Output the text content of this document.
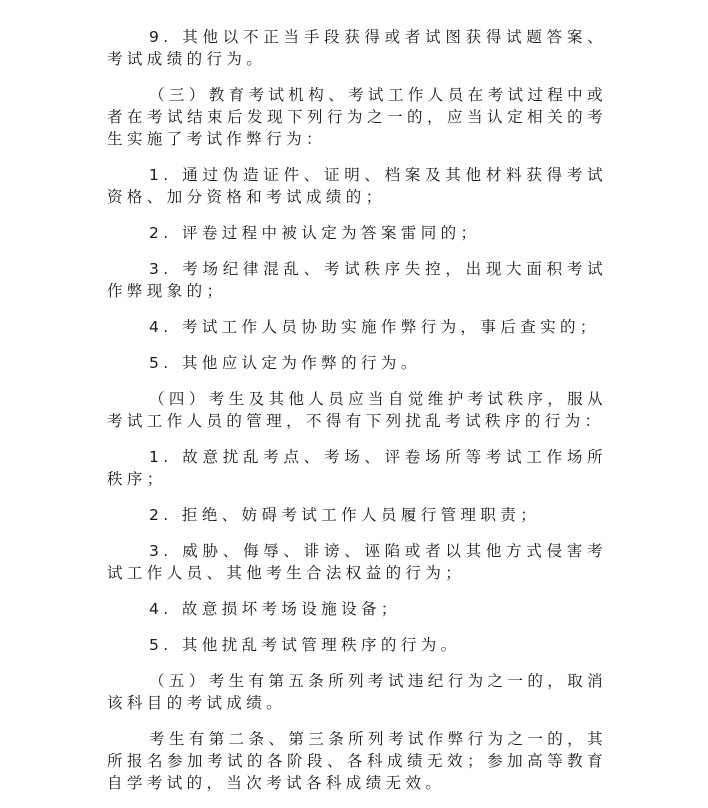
9. 其他以不正当手段获得或者试图获得试题答案、考试成绩的行为。

（三）教育考试机构、考试工作人员在考试过程中或者在考试结束后发现下列行为之一的，应当认定相关的考生实施了考试作弊行为：

1. 通过伪造证件、证明、档案及其他材料获得考试资格、加分资格和考试成绩的；

2. 评卷过程中被认定为答案雷同的；

3. 考场纪律混乱、考试秩序失控，出现大面积考试作弊现象的；

4. 考试工作人员协助实施作弊行为，事后查实的；

5. 其他应认定为作弊的行为。

（四）考生及其他人员应当自觉维护考试秩序，服从考试工作人员的管理，不得有下列扰乱考试秩序的行为：

1. 故意扰乱考点、考场、评卷场所等考试工作场所秩序；

2. 拒绝、妨碍考试工作人员履行管理职责；

3. 威胁、侮辱、诽谤、诬陷或者以其他方式侵害考试工作人员、其他考生合法权益的行为；

4. 故意损坏考场设施设备；

5. 其他扰乱考试管理秩序的行为。

（五）考生有第五条所列考试违纪行为之一的，取消该科目的考试成绩。

考生有第二条、第三条所列考试作弊行为之一的，其所报名参加考试的各阶段、各科成绩无效；参加高等教育自学考试的，当次考试各科成绩无效。
